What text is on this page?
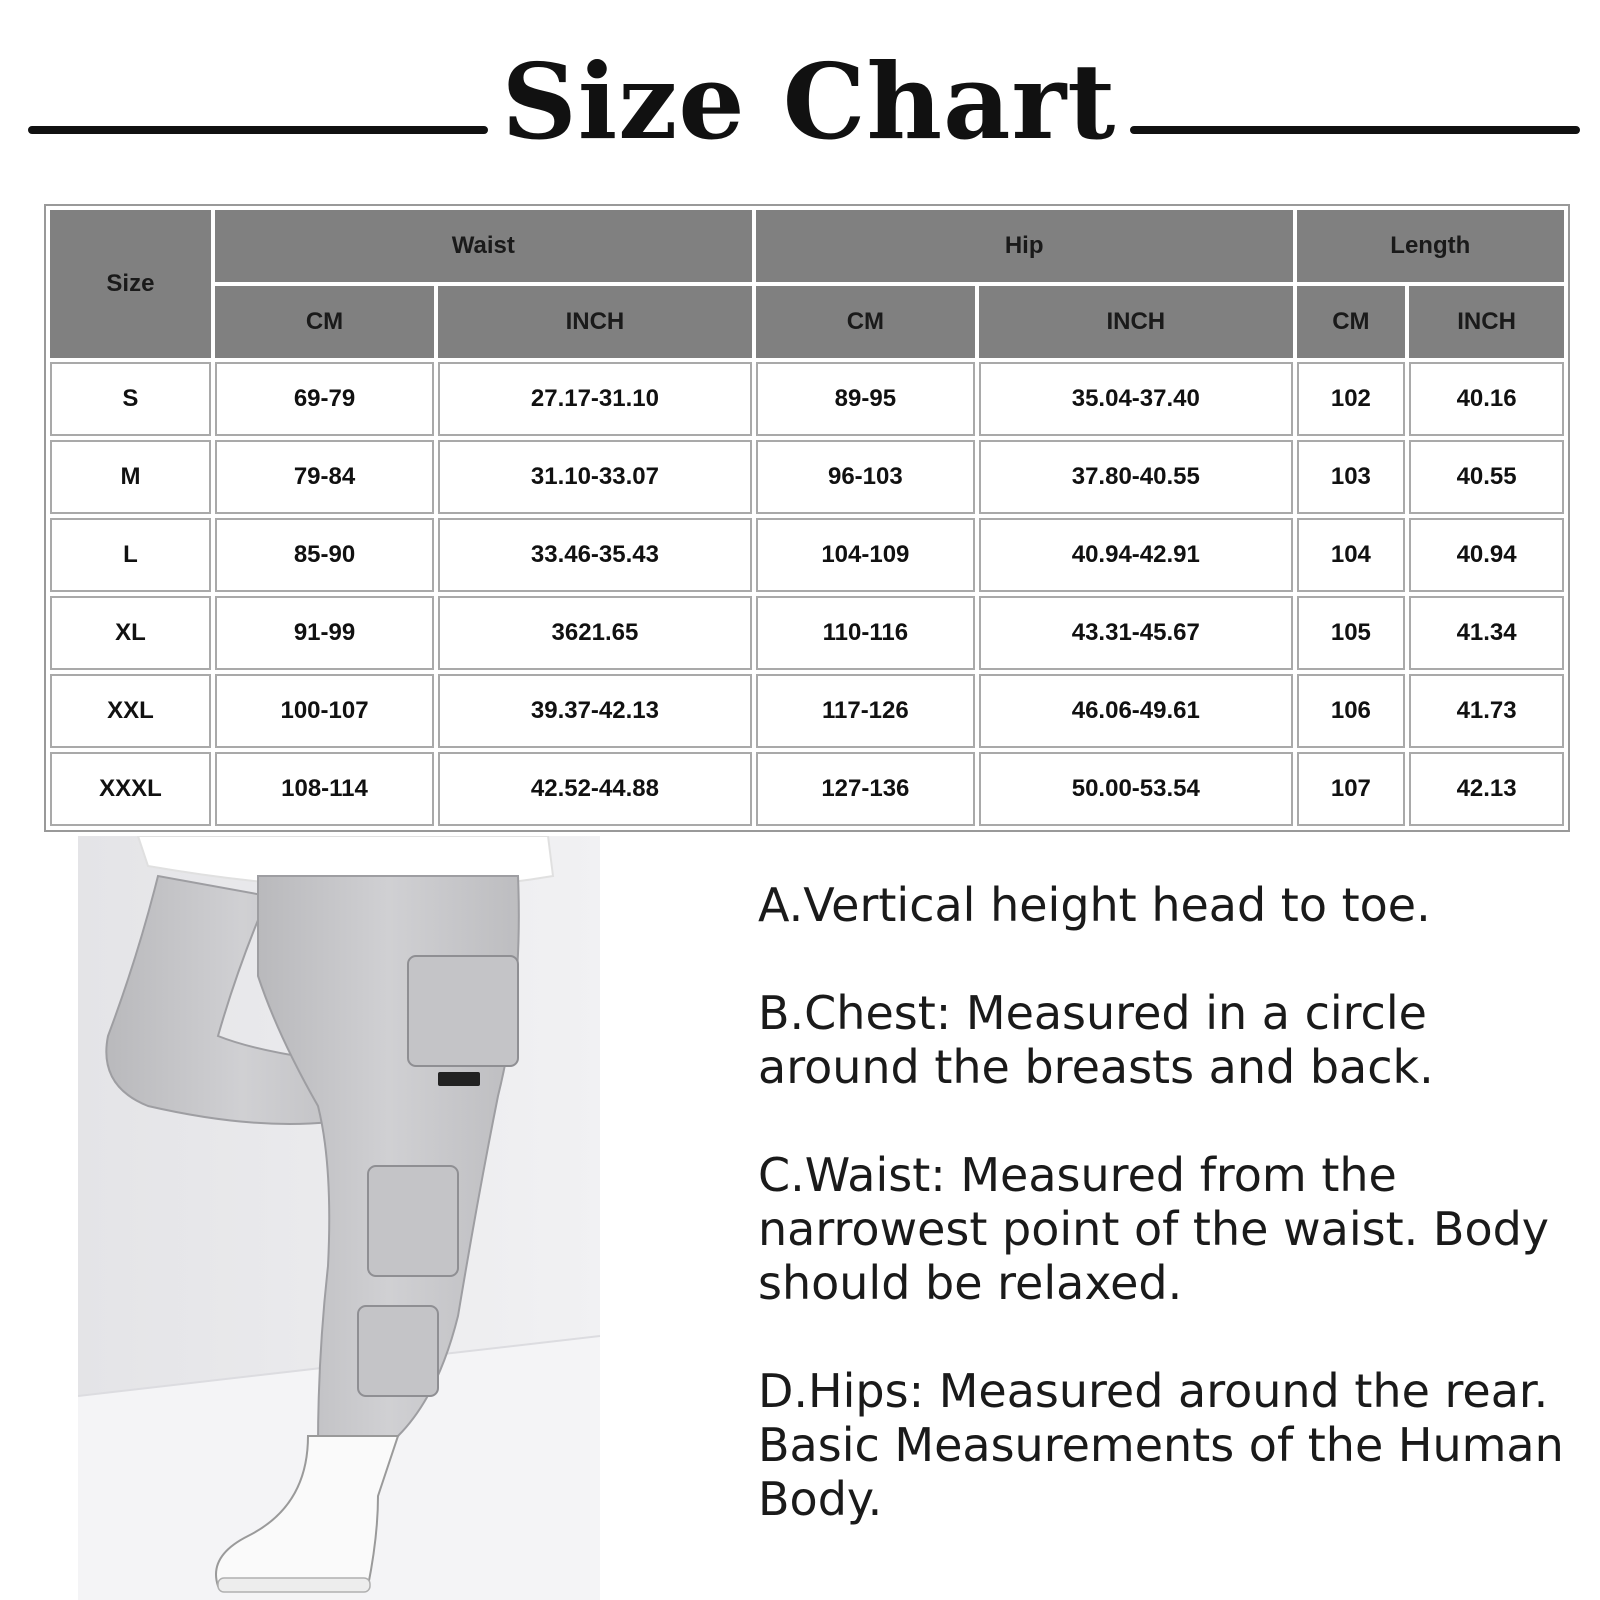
Size Chart
Size	Waist		Hip		Length	
	CM	INCH	CM	INCH	CM	INCH
S	69-79	27.17-31.10	89-95	35.04-37.40	102	40.16
M	79-84	31.10-33.07	96-103	37.80-40.55	103	40.55
L	85-90	33.46-35.43	104-109	40.94-42.91	104	40.94
XL	91-99	3621.65	110-116	43.31-45.67	105	41.34
XXL	100-107	39.37-42.13	117-126	46.06-49.61	106	41.73
XXXL	108-114	42.52-44.88	127-136	50.00-53.54	107	42.13

A.Vertical height head to toe.

B.Chest: Measured in a circle around the breasts and back.

C.Waist: Measured from the narrowest point of the waist. Body should be relaxed.

D.Hips: Measured around the rear. Basic Measurements of the Human Body.
